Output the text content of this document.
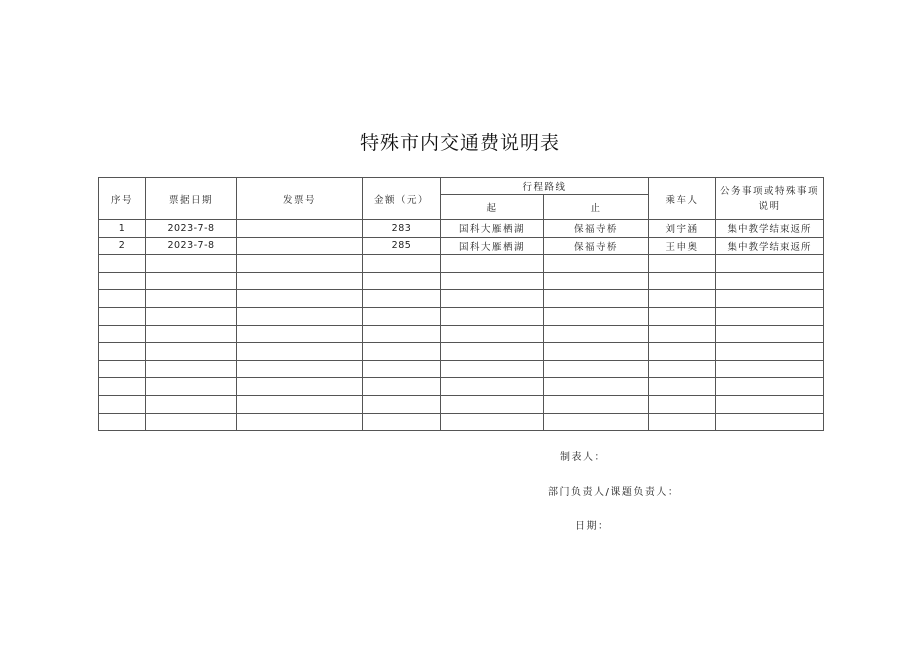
特殊市内交通费说明表
序号	票据日期	发票号	金额（元）	行程路线		乘车人	公务事项或特殊事项说明
				起	止		
1	2023-7-8		283	国科大雁栖湖	保福寺桥	刘宇涵	集中教学结束返所
2	2023-7-8		285	国科大雁栖湖	保福寺桥	王申奥	集中教学结束返所

制表人：
部门负责人/课题负责人：
日期：
